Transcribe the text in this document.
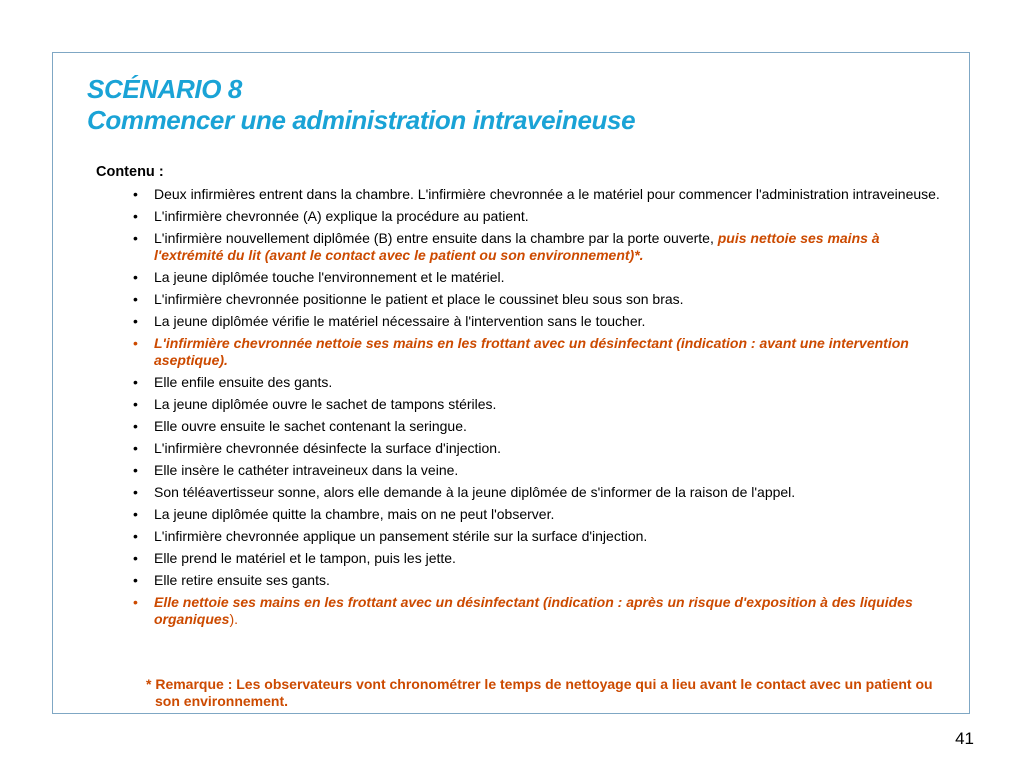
SCÉNARIO 8
Commencer une administration intraveineuse
Contenu :
• Deux infirmières entrent dans la chambre. L'infirmière chevronnée a le matériel pour commencer l'administration intraveineuse.
• L'infirmière chevronnée (A) explique la procédure au patient.
• L'infirmière nouvellement diplômée (B) entre ensuite dans la chambre par la porte ouverte, puis nettoie ses mains à l'extrémité du lit (avant le contact avec le patient ou son environnement)*.
• La jeune diplômée touche l'environnement et le matériel.
• L'infirmière chevronnée positionne le patient et place le coussinet bleu sous son bras.
• La jeune diplômée vérifie le matériel nécessaire à l'intervention sans le toucher.
• L'infirmière chevronnée nettoie ses mains en les frottant avec un désinfectant (indication : avant une intervention aseptique).
• Elle enfile ensuite des gants.
• La jeune diplômée ouvre le sachet de tampons stériles.
• Elle ouvre ensuite le sachet contenant la seringue.
• L'infirmière chevronnée désinfecte la surface d'injection.
• Elle insère le cathéter intraveineux dans la veine.
• Son téléavertisseur sonne, alors elle demande à la jeune diplômée de s'informer de la raison de l'appel.
• La jeune diplômée quitte la chambre, mais on ne peut l'observer.
• L'infirmière chevronnée applique un pansement stérile sur la surface d'injection.
• Elle prend le matériel et le tampon, puis les jette.
• Elle retire ensuite ses gants.
• Elle nettoie ses mains en les frottant avec un désinfectant (indication : après un risque d'exposition à des liquides organiques).

* Remarque : Les observateurs vont chronométrer le temps de nettoyage qui a lieu avant le contact avec un patient ou son environnement.

41
